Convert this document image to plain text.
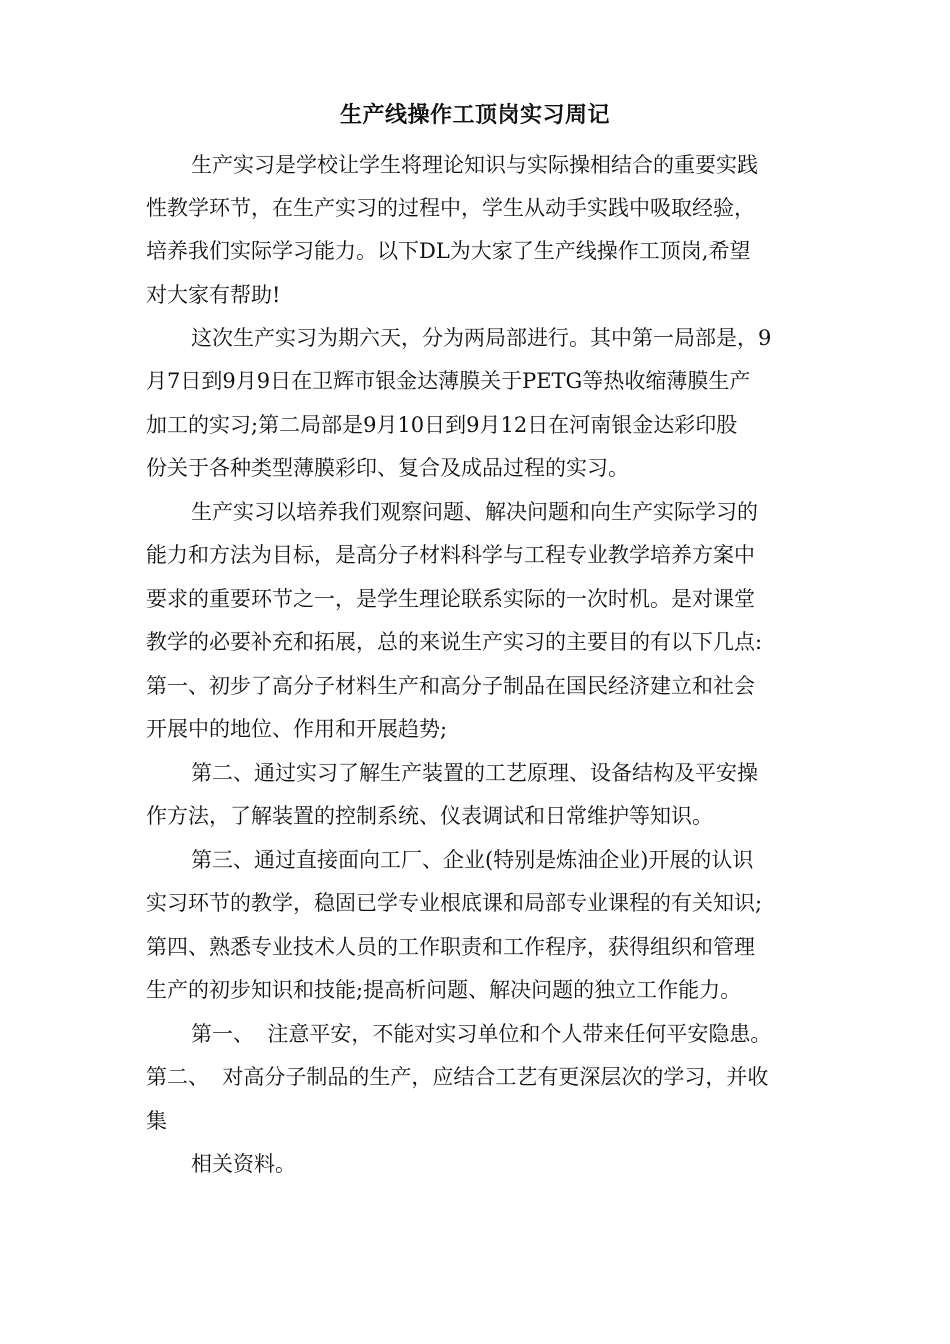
生产线操作工顶岗实习周记
生产实习是学校让学生将理论知识与实际操相结合的重要实践
性教学环节，在生产实习的过程中，学生从动手实践中吸取经验，
培养我们实际学习能力。以下DL为大家了生产线操作工顶岗,希望
对大家有帮助!
这次生产实习为期六天，分为两局部进行。其中第一局部是，9
月7日到9月9日在卫辉市银金达薄膜关于PETG等热收缩薄膜生产
加工的实习;第二局部是9月10日到9月12日在河南银金达彩印股
份关于各种类型薄膜彩印、复合及成品过程的实习。
生产实习以培养我们观察问题、解决问题和向生产实际学习的
能力和方法为目标，是高分子材料科学与工程专业教学培养方案中
要求的重要环节之一，是学生理论联系实际的一次时机。是对课堂
教学的必要补充和拓展，总的来说生产实习的主要目的有以下几点:
第一、初步了高分子材料生产和高分子制品在国民经济建立和社会
开展中的地位、作用和开展趋势;
第二、通过实习了解生产装置的工艺原理、设备结构及平安操
作方法，了解装置的控制系统、仪表调试和日常维护等知识。
第三、通过直接面向工厂、企业(特别是炼油企业)开展的认识
实习环节的教学，稳固已学专业根底课和局部专业课程的有关知识;
第四、熟悉专业技术人员的工作职责和工作程序，获得组织和管理
生产的初步知识和技能;提高析问题、解决问题的独立工作能力。
第一、  注意平安，不能对实习单位和个人带来任何平安隐患。
第二、  对高分子制品的生产，应结合工艺有更深层次的学习，并收
集
相关资料。
